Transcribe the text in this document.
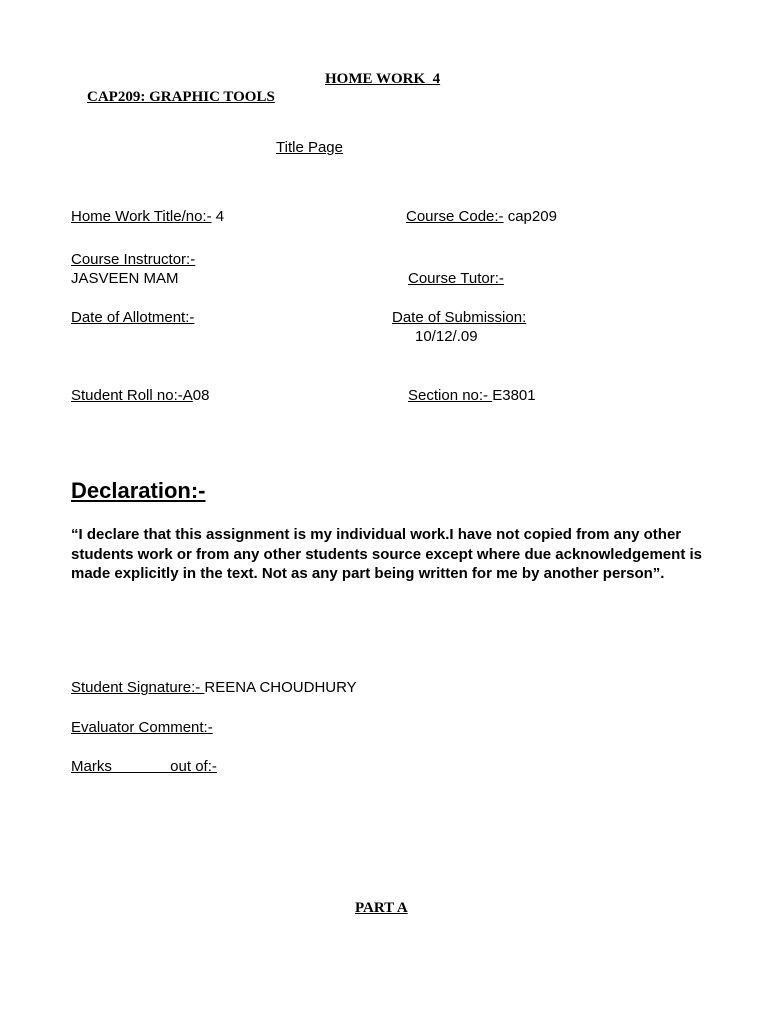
HOME WORK  4
CAP209: GRAPHIC TOOLS
Title Page
Home Work Title/no:- 4	Course Code:- cap209
Course Instructor:-
JASVEEN MAM	Course Tutor:-
Date of Allotment:-	Date of Submission:
10/12/.09
Student Roll no:-A08	Section no:- E3801
Declaration:-
“I declare that this assignment is my individual work.I have not copied from any other students work or from any other students source except where due acknowledgement is made explicitly in the text. Not as any part being written for me by another person”.
Student Signature:- REENA CHOUDHURY
Evaluator Comment:-
Marks              out of:-
PART A
